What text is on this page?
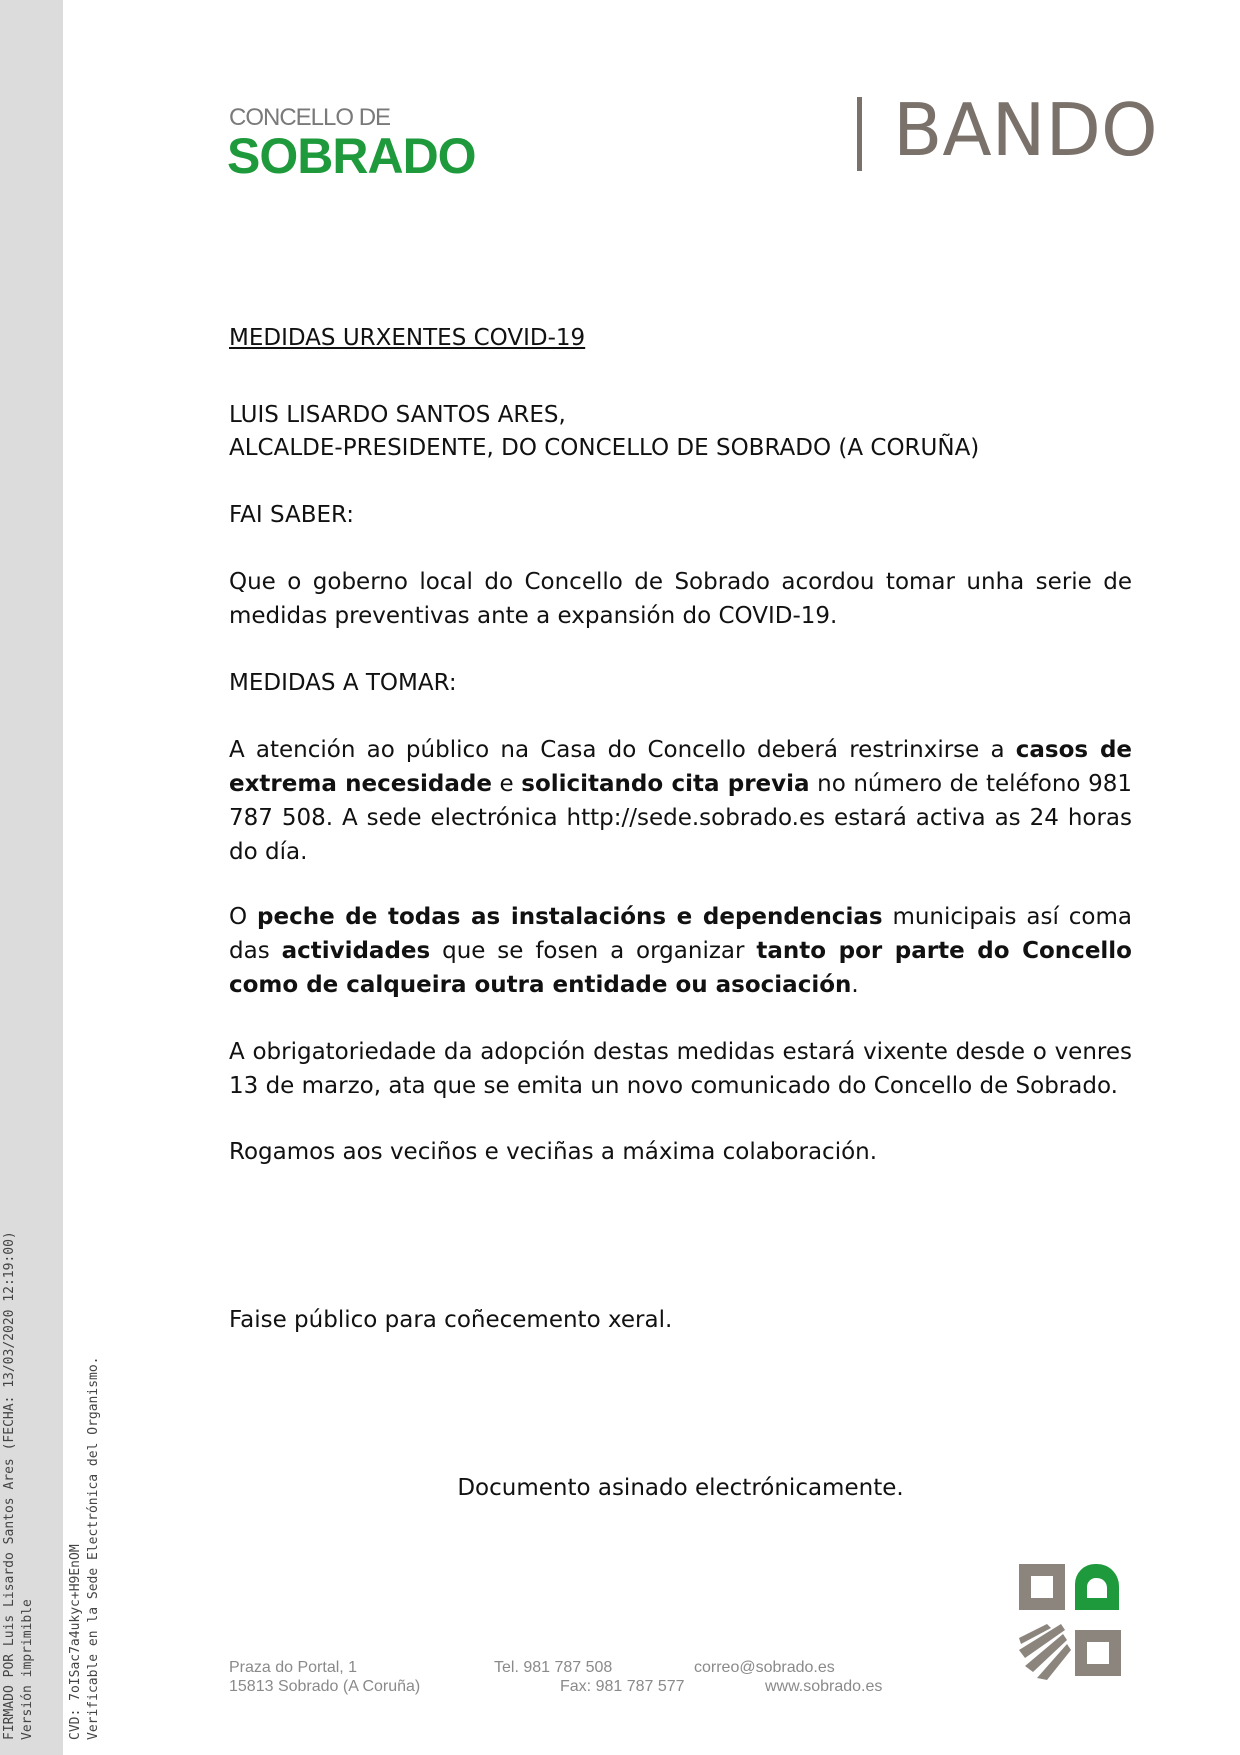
FIRMADO POR Luis Lisardo Santos Ares (FECHA: 13/03/2020 12:19:00) Versión imprimible	CVD: 7oISac7a4ukyc+H9EnOM Verificable en la Sede Electrónica del Organismo.
CONCELLO DE
SOBRADO	BANDO
MEDIDAS URXENTES COVID-19
LUIS LISARDO SANTOS ARES,
ALCALDE-PRESIDENTE, DO CONCELLO DE SOBRADO (A CORUÑA)
FAI SABER:
Que o goberno local do Concello de Sobrado acordou tomar unha serie de medidas preventivas ante a expansión do COVID-19.
MEDIDAS A TOMAR:
A atención ao público na Casa do Concello deberá restrinxirse a casos de extrema necesidade e solicitando cita previa no número de teléfono 981 787 508. A sede electrónica http://sede.sobrado.es estará activa as 24 horas do día.
O peche de todas as instalacións e dependencias municipais así coma das actividades que se fosen a organizar tanto por parte do Concello como de calqueira outra entidade ou asociación.
A obrigatoriedade da adopción destas medidas estará vixente desde o venres 13 de marzo, ata que se emita un novo comunicado do Concello de Sobrado.
Rogamos aos veciños e veciñas a máxima colaboración.
Faise público para coñecemento xeral.
Documento asinado electrónicamente.
Praza do Portal, 1
15813 Sobrado (A Coruña)
Tel. 981 787 508
Fax: 981 787 577
correo@sobrado.es
www.sobrado.es
